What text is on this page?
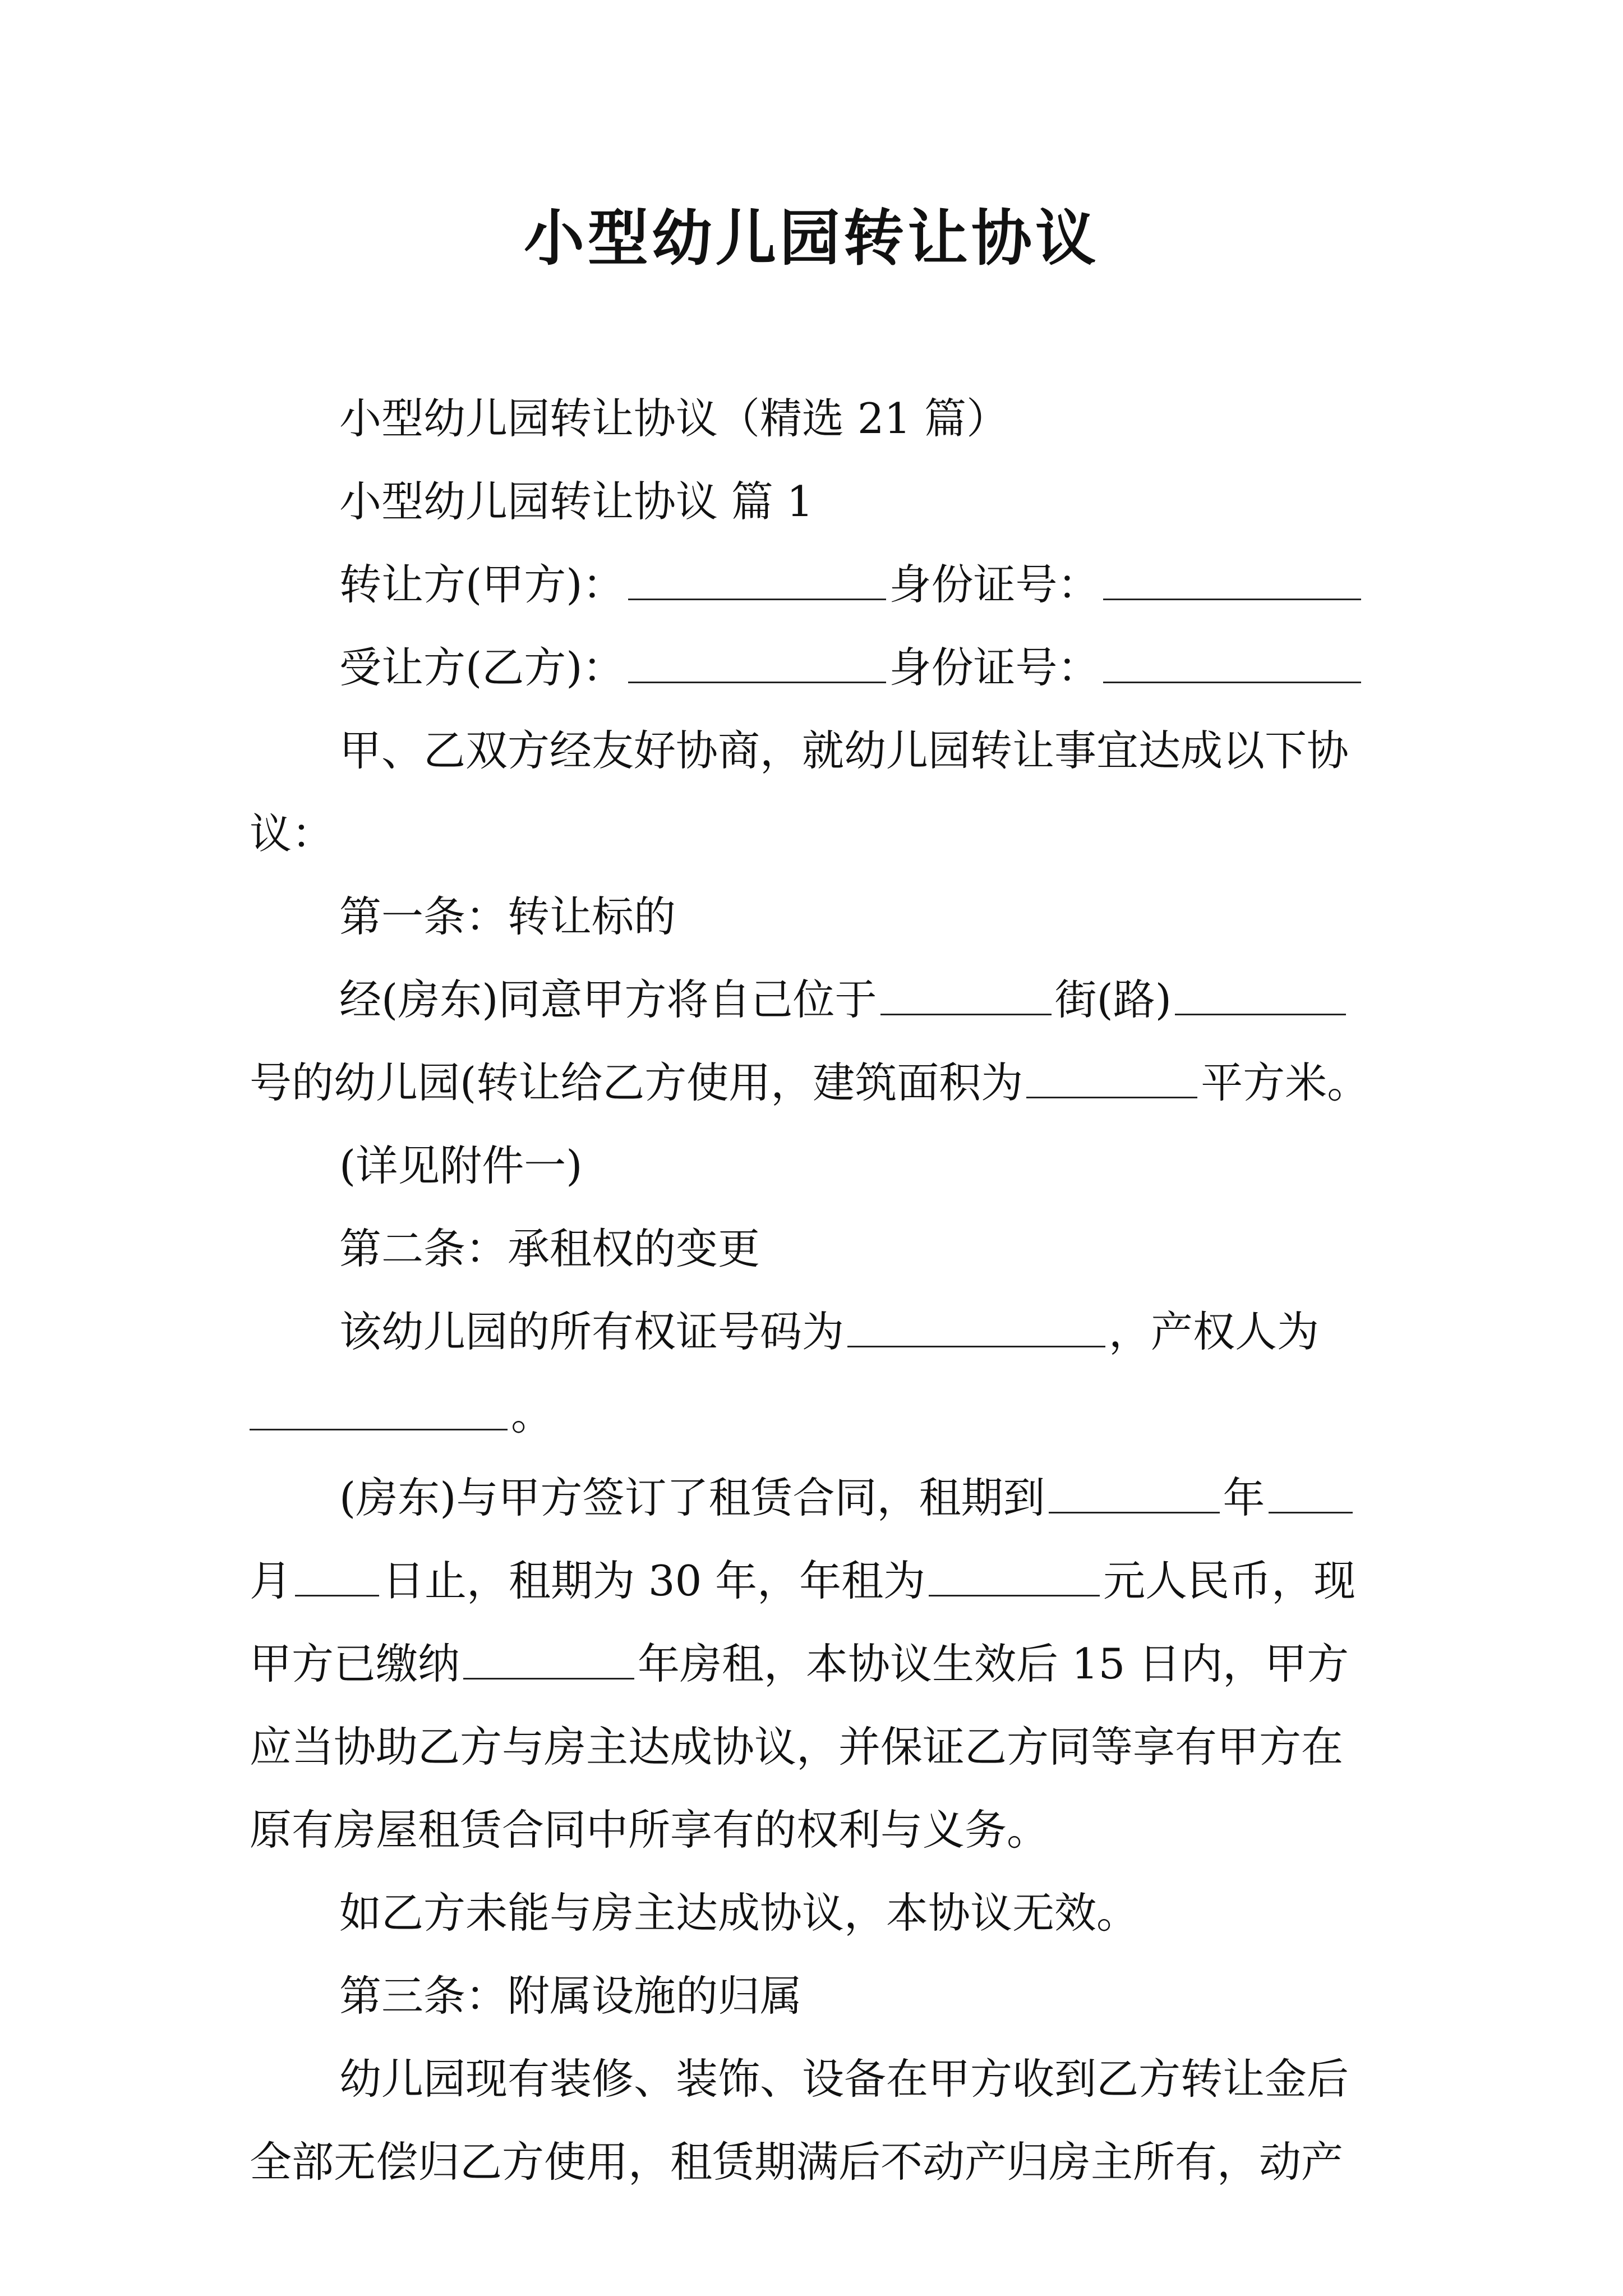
小型幼儿园转让协议
小型幼儿园转让协议（精选 21 篇）
小型幼儿园转让协议 篇 1
转让方(甲方)：	身份证号：
受让方(乙方)：	身份证号：
甲、乙双方经友好协商，就幼儿园转让事宜达成以下协
议：
第一条：转让标的
经(房东)同意甲方将自己位于	街(路)
号的幼儿园(转让给乙方使用，建筑面积为	平方米。
(详见附件一)
第二条：承租权的变更
该幼儿园的所有权证号码为	，产权人为
。
(房东)与甲方签订了租赁合同，租期到	年
月 日止，租期为 30 年，年租为	元人民币，现
甲方已缴纳	年房租，本协议生效后 15 日内，甲方
应当协助乙方与房主达成协议，并保证乙方同等享有甲方在
原有房屋租赁合同中所享有的权利与义务。
如乙方未能与房主达成协议，本协议无效。
第三条：附属设施的归属
幼儿园现有装修、装饰、设备在甲方收到乙方转让金后
全部无偿归乙方使用，租赁期满后不动产归房主所有，动产
